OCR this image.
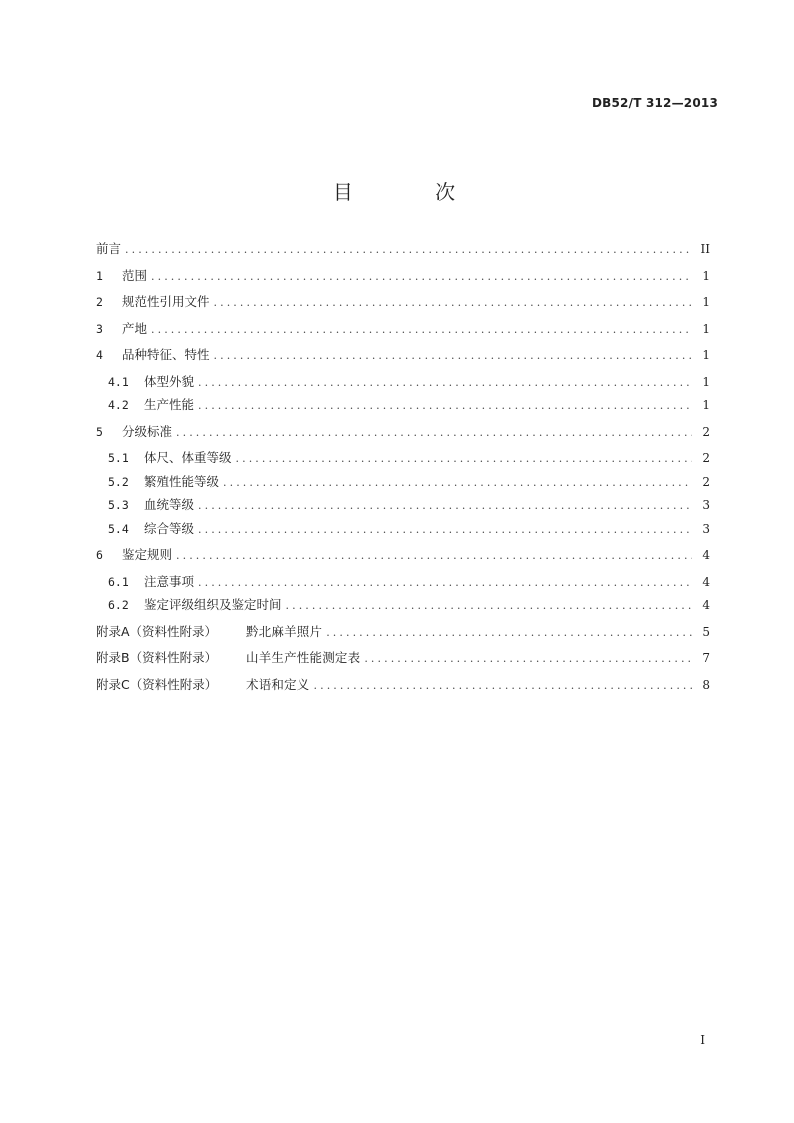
DB52/T 312—2013
目 次
前言 .....	II
1	范围 .....	1
2	规范性引用文件 .....	1
3	产地 .....	1
4	品种特征、特性 .....	1
4.1	体型外貌 .....	1
4.2	生产性能 .....	1
5	分级标准 .....	2
5.1	体尺、体重等级 .....	2
5.2	繁殖性能等级 .....	2
5.3	血统等级 .....	3
5.4	综合等级 .....	3
6	鉴定规则 .....	4
6.1	注意事项 .....	4
6.2	鉴定评级组织及鉴定时间 .....	4
附录A（资料性附录）	黔北麻羊照片 .....	5
附录B（资料性附录）	山羊生产性能测定表 .....	7
附录C（资料性附录）	术语和定义 .....	8
I
